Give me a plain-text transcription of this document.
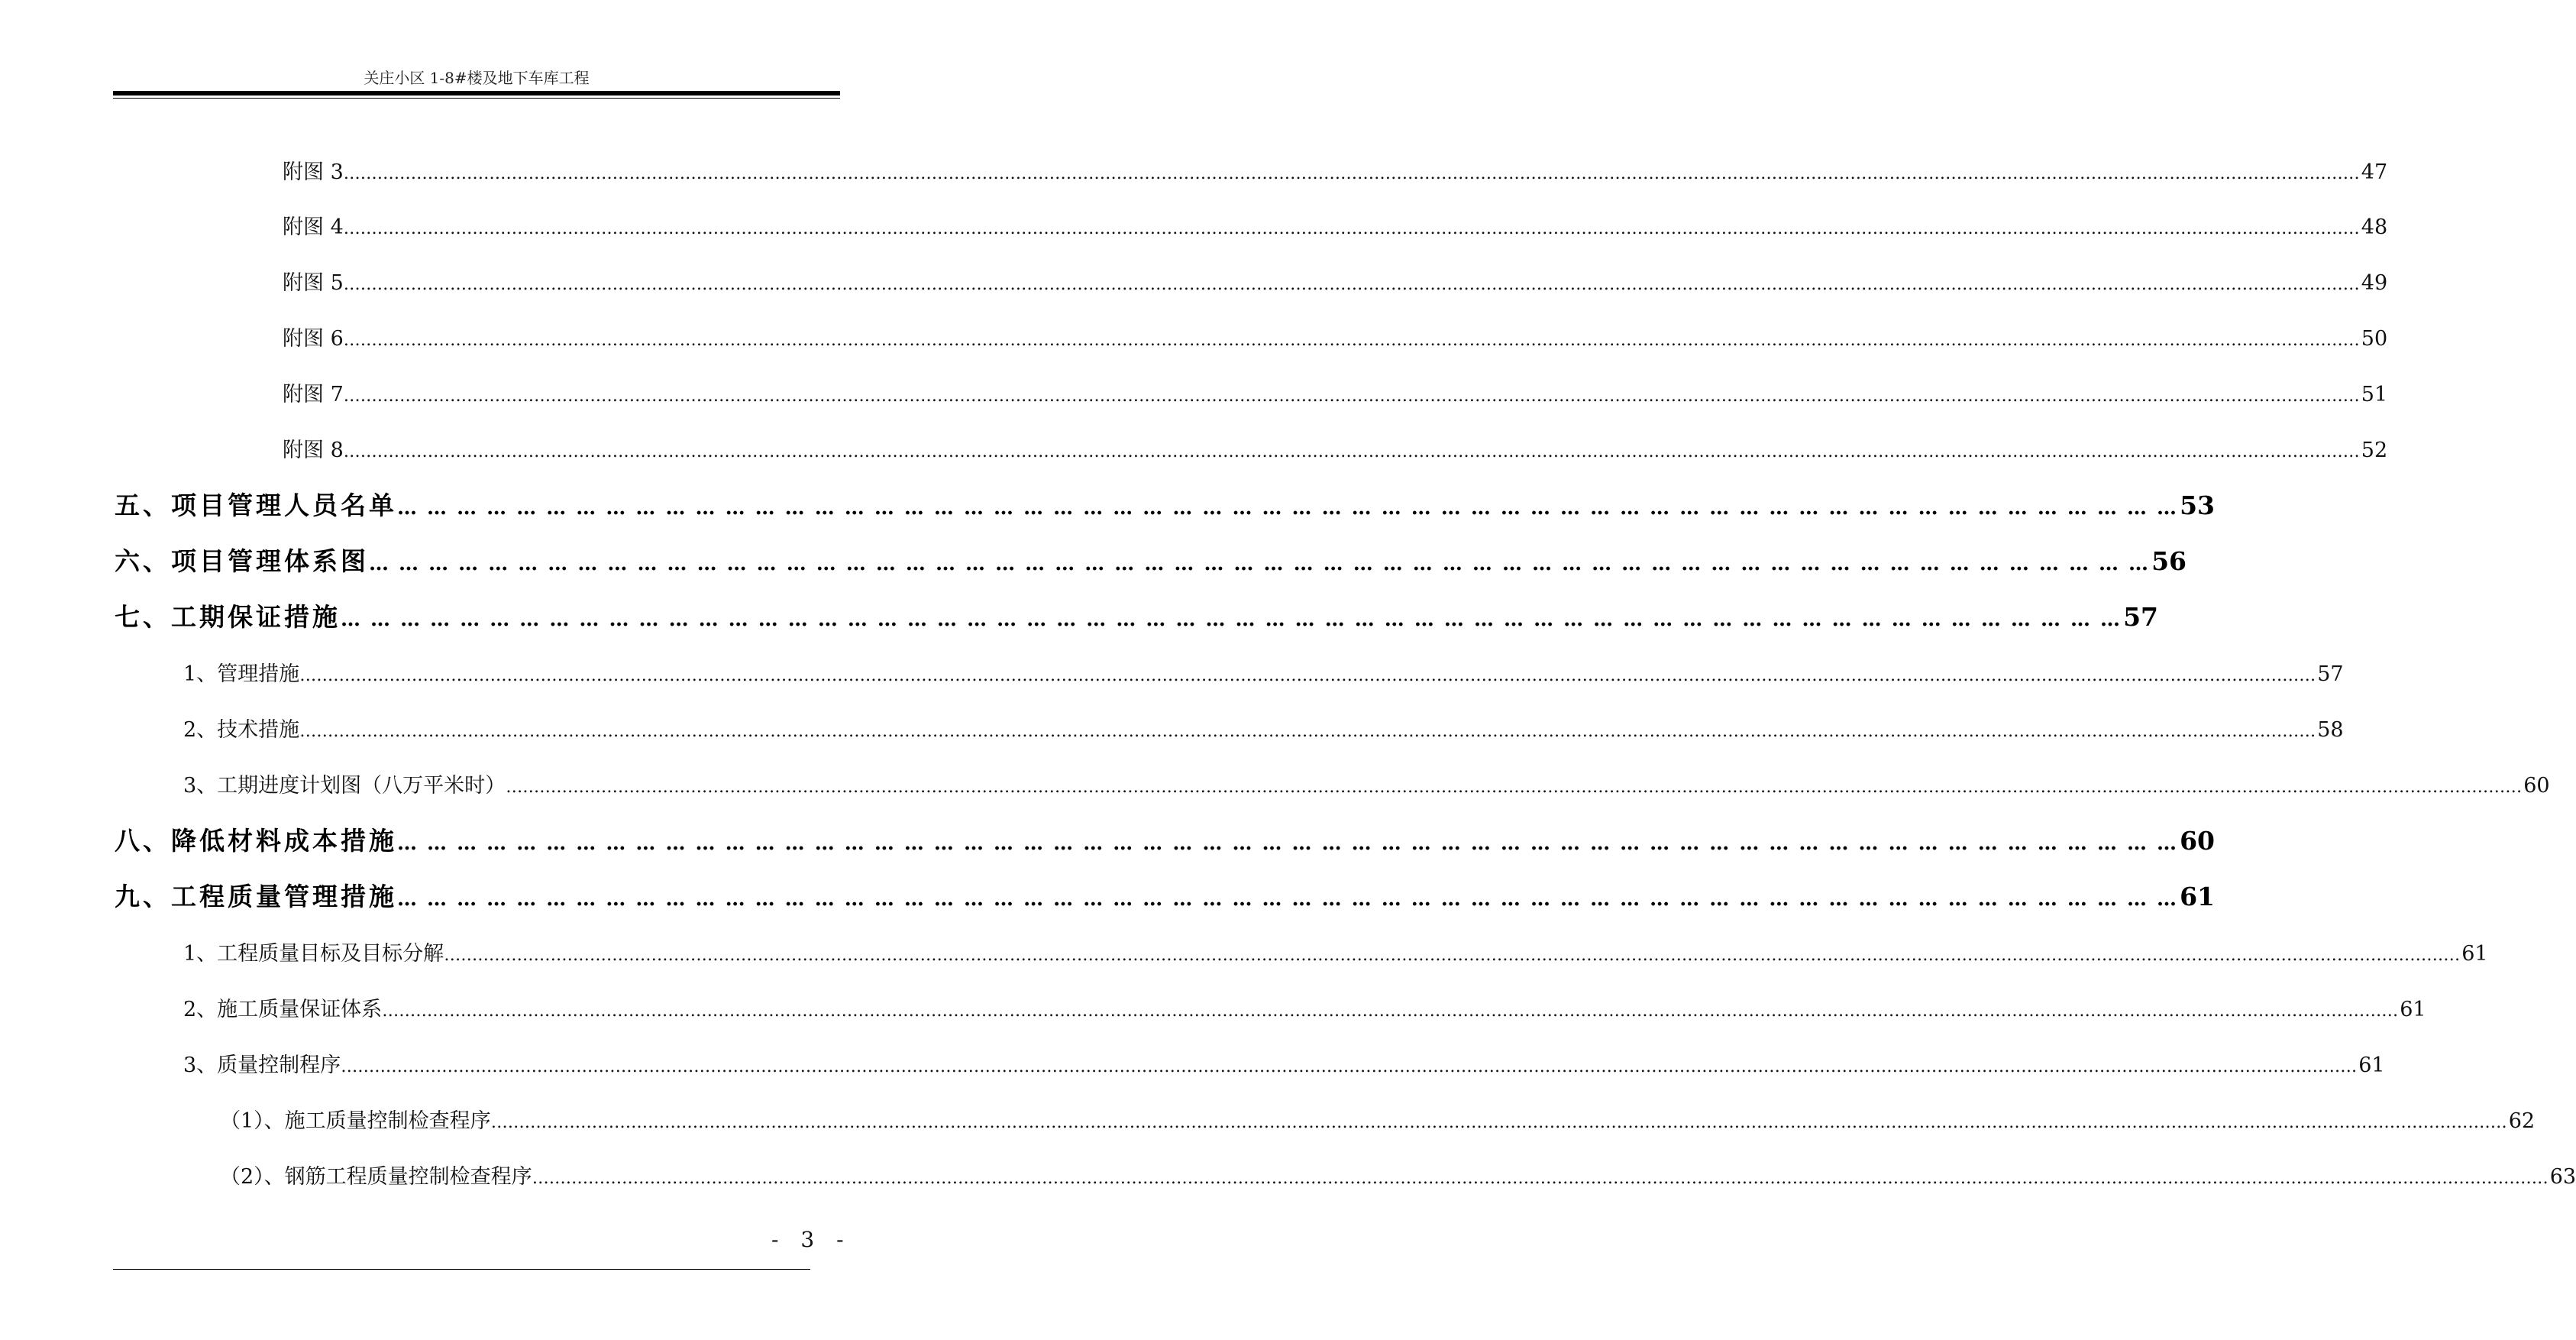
关庄小区 1-8#楼及地下车库工程
附图 3 ……………………………………………………………………………………………………………………………………………………………………………………………………………………………………………………………………………………………………………………………… 47
附图 4 ……………………………………………………………………………………………………………………………………………………………………………………………………………………………………………………………………………………………………………………………… 48
附图 5 ……………………………………………………………………………………………………………………………………………………………………………………………………………………………………………………………………………………………………………………………… 49
附图 6 ……………………………………………………………………………………………………………………………………………………………………………………………………………………………………………………………………………………………………………………………… 50
附图 7 ……………………………………………………………………………………………………………………………………………………………………………………………………………………………………………………………………………………………………………………………… 51
附图 8 ……………………………………………………………………………………………………………………………………………………………………………………………………………………………………………………………………………………………………………………………… 52
五、项目管理人员名单 … … … … … … … … … … … … … … … … … … … … … … … … … … … … … … … … … … … … … … … … … … … … … … … … … … … … … … … … … … … … 53
六、项目管理体系图 … … … … … … … … … … … … … … … … … … … … … … … … … … … … … … … … … … … … … … … … … … … … … … … … … … … … … … … … … … … … 56
七、工期保证措施 … … … … … … … … … … … … … … … … … … … … … … … … … … … … … … … … … … … … … … … … … … … … … … … … … … … … … … … … … … … … 57
1、管理措施 ……………………………………………………………………………………………………………………………………………………………………………………………………………………………………………………………………………………………………………………………… 57
2、技术措施 ……………………………………………………………………………………………………………………………………………………………………………………………………………………………………………………………………………………………………………………………… 58
3、工期进度计划图（八万平米时） ……………………………………………………………………………………………………………………………………………………………………………………………………………………………………………………………………………………………………………………………… 60
八、降低材料成本措施 … … … … … … … … … … … … … … … … … … … … … … … … … … … … … … … … … … … … … … … … … … … … … … … … … … … … … … … … … … … … 60
九、工程质量管理措施 … … … … … … … … … … … … … … … … … … … … … … … … … … … … … … … … … … … … … … … … … … … … … … … … … … … … … … … … … … … … 61
1、工程质量目标及目标分解 ……………………………………………………………………………………………………………………………………………………………………………………………………………………………………………………………………………………………………………………………… 61
2、施工质量保证体系 ……………………………………………………………………………………………………………………………………………………………………………………………………………………………………………………………………………………………………………………………… 61
3、质量控制程序 ……………………………………………………………………………………………………………………………………………………………………………………………………………………………………………………………………………………………………………………………… 61
（1）、施工质量控制检查程序 ……………………………………………………………………………………………………………………………………………………………………………………………………………………………………………………………………………………………………………………………… 62
（2）、钢筋工程质量控制检查程序 ……………………………………………………………………………………………………………………………………………………………………………………………………………………………………………………………………………………………………………………………… 63
- 3 -
